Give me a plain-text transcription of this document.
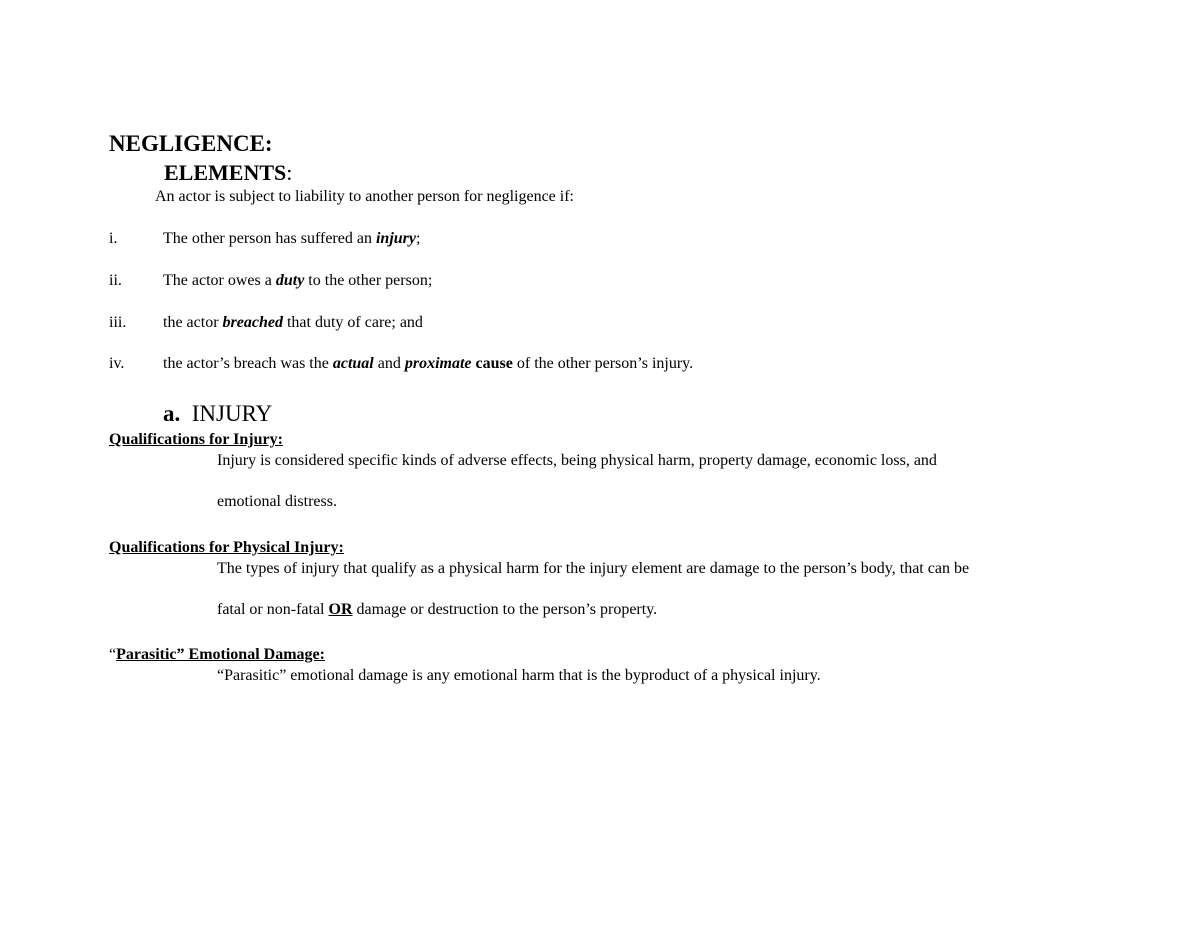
NEGLIGENCE:
ELEMENTS:
An actor is subject to liability to another person for negligence if:
i.	The other person has suffered an injury;
ii.	The actor owes a duty to the other person;
iii. the actor breached that duty of care; and
iv. the actor’s breach was the actual and proximate cause of the other person’s injury.
a. INJURY
Qualifications for Injury:
Injury is considered specific kinds of adverse effects, being physical harm, property damage, economic loss, and
emotional distress.
Qualifications for Physical Injury:
The types of injury that qualify as a physical harm for the injury element are damage to the person’s body, that can be
fatal or non-fatal OR damage or destruction to the person’s property.
“Parasitic” Emotional Damage:
“Parasitic” emotional damage is any emotional harm that is the byproduct of a physical injury.
